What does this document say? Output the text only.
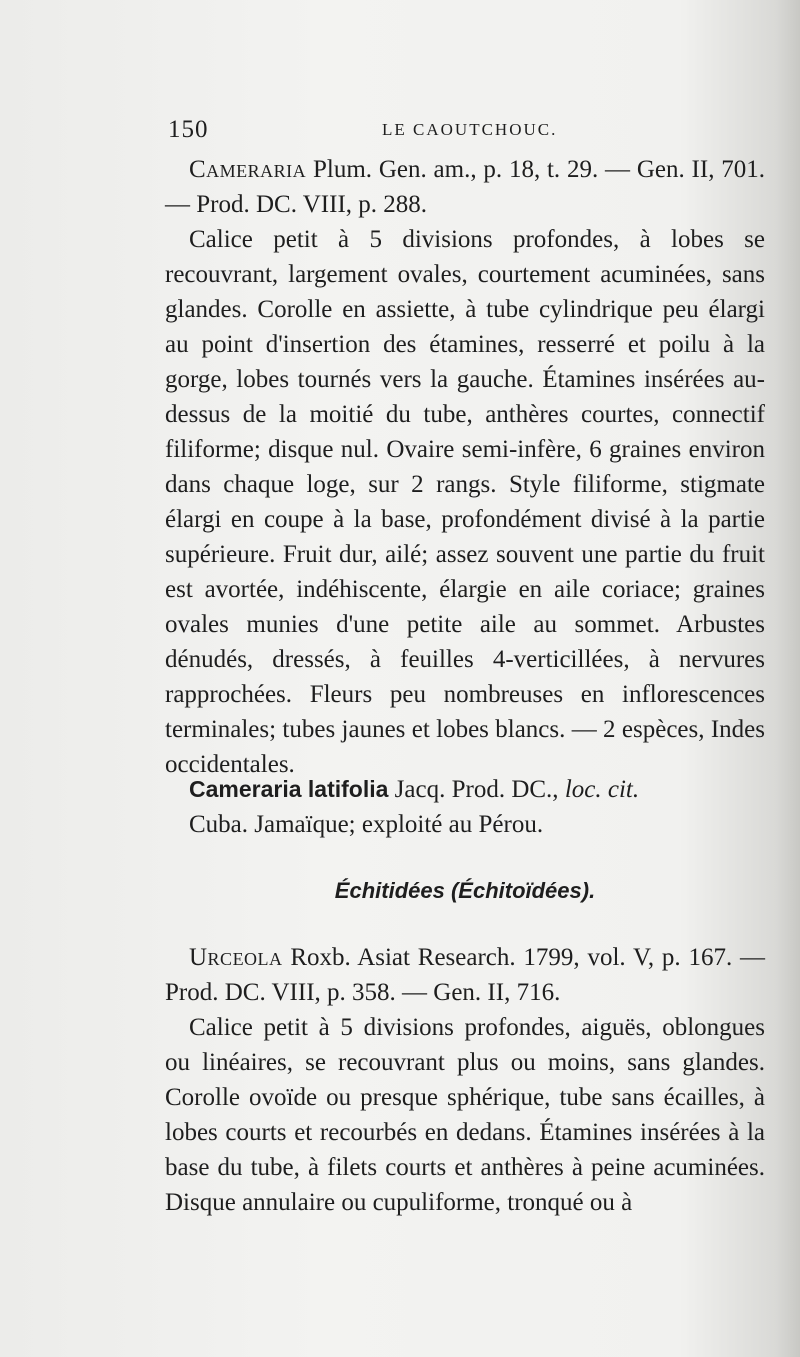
150	LE CAOUTCHOUC.

Cameraria Plum. Gen. am., p. 18, t. 29. — Gen. II, 701. — Prod. DC. VIII, p. 288.

Calice petit à 5 divisions profondes, à lobes se recouvrant, largement ovales, courtement acuminées, sans glandes. Corolle en assiette, à tube cylindrique peu élargi au point d'insertion des étamines, resserré et poilu à la gorge, lobes tournés vers la gauche. Étamines insérées au-dessus de la moitié du tube, anthères courtes, connectif filiforme; disque nul. Ovaire semi-infère, 6 graines environ dans chaque loge, sur 2 rangs. Style filiforme, stigmate élargi en coupe à la base, profondément divisé à la partie supérieure. Fruit dur, ailé; assez souvent une partie du fruit est avortée, indéhiscente, élargie en aile coriace; graines ovales munies d'une petite aile au sommet. Arbustes dénudés, dressés, à feuilles 4-verticillées, à nervures rapprochées. Fleurs peu nombreuses en inflorescences terminales; tubes jaunes et lobes blancs. — 2 espèces, Indes occidentales.

Cameraria latifolia Jacq. Prod. DC., loc. cit.

Cuba. Jamaïque; exploité au Pérou.

Échitidées (Échitoïdées).

Urceola Roxb. Asiat Research. 1799, vol. V, p. 167. — Prod. DC. VIII, p. 358. — Gen. II, 716.

Calice petit à 5 divisions profondes, aiguës, oblongues ou linéaires, se recouvrant plus ou moins, sans glandes. Corolle ovoïde ou presque sphérique, tube sans écailles, à lobes courts et recourbés en dedans. Étamines insérées à la base du tube, à filets courts et anthères à peine acuminées. Disque annulaire ou cupuliforme, tronqué ou à
